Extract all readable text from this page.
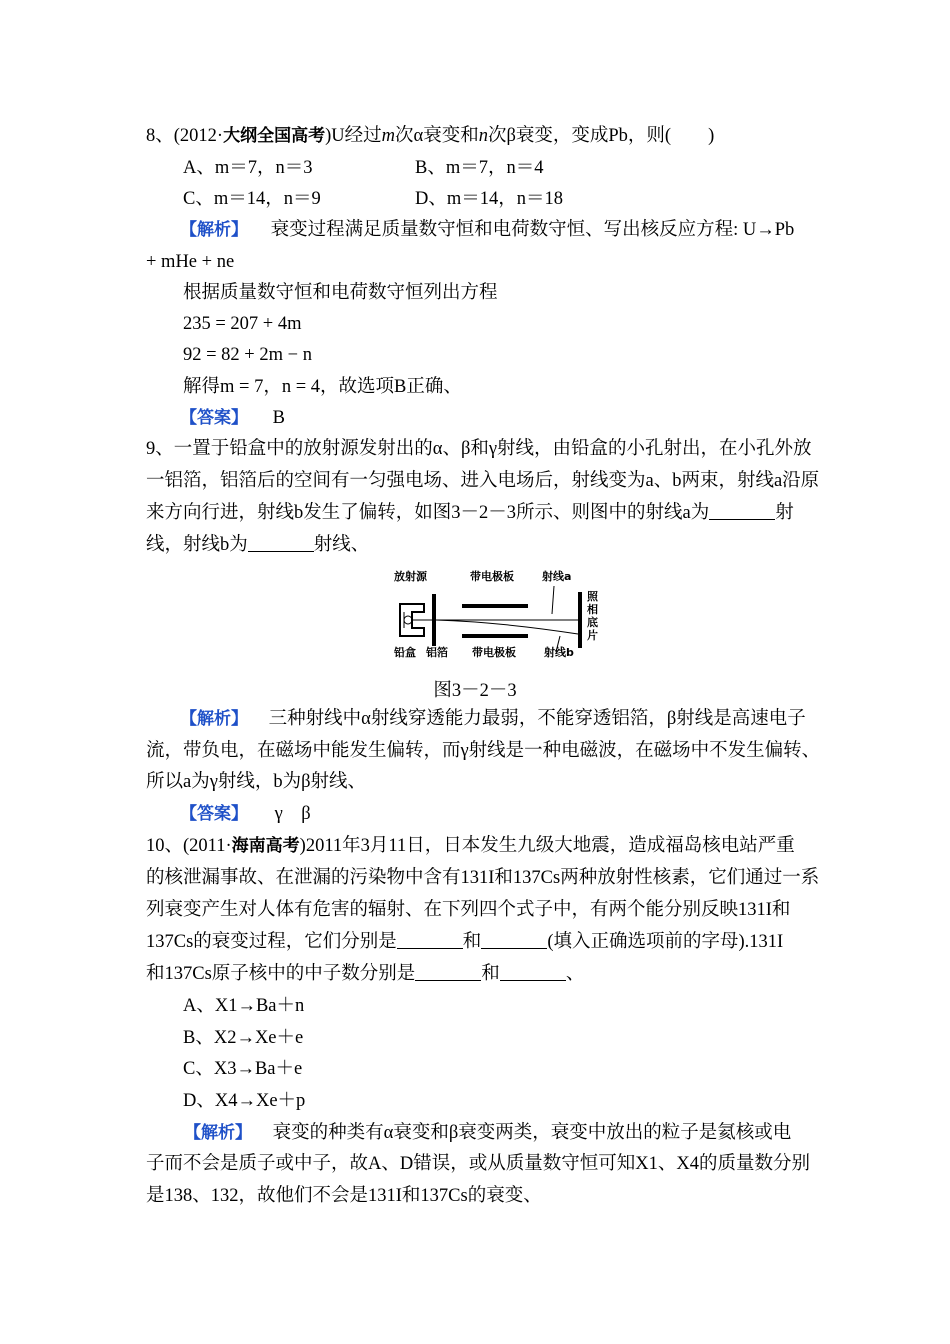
8、(2012·大纲全国高考)U经过m次α衰变和n次β衰变，变成Pb，则(　　)
A、m＝7，n＝3	B、m＝7，n＝4
C、m＝14，n＝9	D、m＝14，n＝18
【解析】 衰变过程满足质量数守恒和电荷数守恒、写出核反应方程: U→Pb
+ mHe + ne
根据质量数守恒和电荷数守恒列出方程
235 = 207 + 4m
92 = 82 + 2m − n
解得m = 7，n = 4，故选项B正确、
【答案】 B
9、一置于铅盒中的放射源发射出的α、β和γ射线，由铅盒的小孔射出，在小孔外放
一铝箔，铝箔后的空间有一匀强电场、进入电场后，射线变为a、b两束，射线a沿原
来方向行进，射线b发生了偏转，如图3－2－3所示、则图中的射线a为	射
线，射线b为	射线、
放射源	带电极板	射线a
照
相
底
片
铅盒 铝箔 带电极板	射线b
图3－2－3
【解析】 三种射线中α射线穿透能力最弱，不能穿透铝箔，β射线是高速电子
流，带负电，在磁场中能发生偏转，而γ射线是一种电磁波，在磁场中不发生偏转、
所以a为γ射线，b为β射线、
【答案】 γ　β
10、(2011·海南高考)2011年3月11日，日本发生九级大地震，造成福岛核电站严重
的核泄漏事故、在泄漏的污染物中含有131I和137Cs两种放射性核素，它们通过一系
列衰变产生对人体有危害的辐射、在下列四个式子中，有两个能分别反映131I和
137Cs的衰变过程，它们分别是	和	(填入正确选项前的字母).131I
和137Cs原子核中的中子数分别是	和	、
A、X1→Ba＋n
B、X2→Xe＋e
C、X3→Ba＋e
D、X4→Xe＋p
【解析】 衰变的种类有α衰变和β衰变两类，衰变中放出的粒子是氦核或电
子而不会是质子或中子，故A、D错误，或从质量数守恒可知X1、X4的质量数分别
是138、132，故他们不会是131I和137Cs的衰变、
